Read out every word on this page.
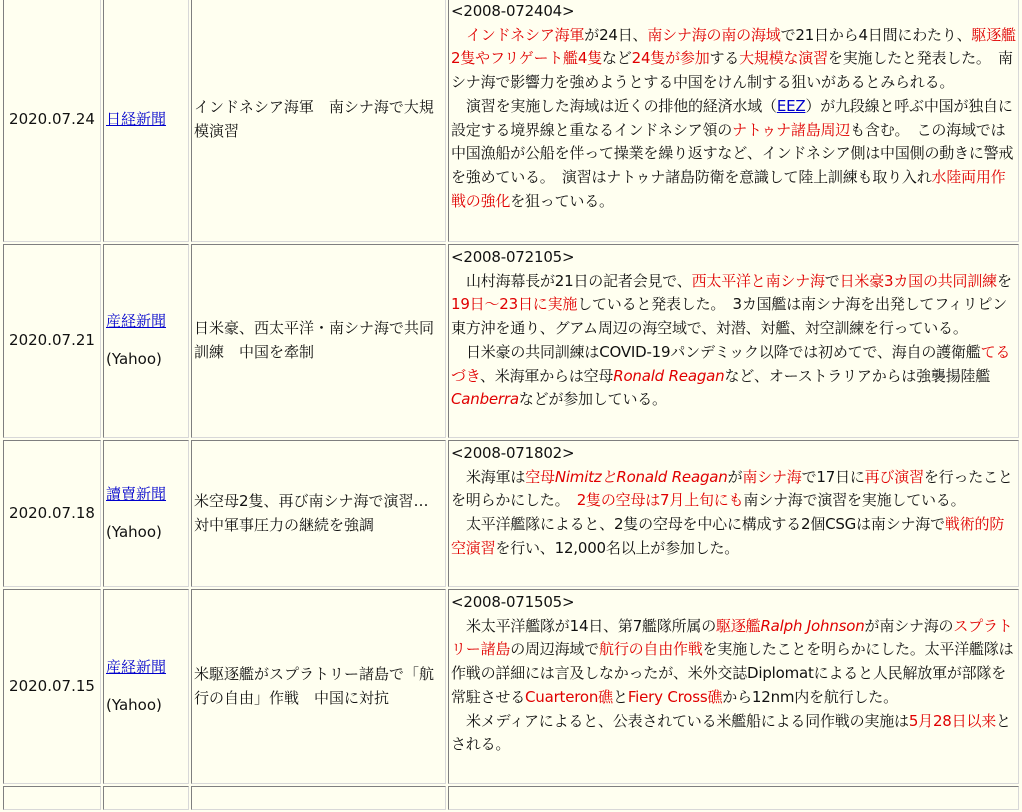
2020.07.24	日経新聞	インドネシア海軍　南シナ海で大規模演習	<2008-072404>
インドネシア海軍が24日、南シナ海の南の海域で21日から4日間にわたり、駆逐艦2隻やフリゲート艦4隻など24隻が参加する大規模な演習を実施したと発表した。　南シナ海で影響力を強めようとする中国をけん制する狙いがあるとみられる。
演習を実施した海域は近くの排他的経済水域（EEZ）が九段線と呼ぶ中国が独自に設定する境界線と重なるインドネシア領のナトゥナ諸島周辺も含む。　この海域では中国漁船が公船を伴って操業を繰り返すなど、インドネシア側は中国側の動きに警戒を強めている。　演習はナトゥナ諸島防衛を意識して陸上訓練も取り入れ水陸両用作戦の強化を狙っている。

2020.07.21	産経新聞
(Yahoo)	日米豪、西太平洋・南シナ海で共同訓練　中国を牽制	<2008-072105>
山村海幕長が21日の記者会見で、西太平洋と南シナ海で日米豪3カ国の共同訓練を19日～23日に実施していると発表した。　3カ国艦は南シナ海を出発してフィリピン東方沖を通り、グアム周辺の海空域で、対潜、対艦、対空訓練を行っている。
日米豪の共同訓練はCOVID-19パンデミック以降では初めてで、海自の護衛艦てるづき、米海軍からは空母Ronald Reaganなど、オーストラリアからは強襲揚陸艦Canberraなどが参加している。

2020.07.18	讀賣新聞
(Yahoo)	米空母2隻、再び南シナ海で演習…対中軍事圧力の継続を強調	<2008-071802>
米海軍は空母NimitzとRonald Reaganが南シナ海で17日に再び演習を行ったことを明らかにした。　2隻の空母は7月上旬にも南シナ海で演習を実施している。
太平洋艦隊によると、2隻の空母を中心に構成する2個CSGは南シナ海で戦術的防空演習を行い、12,000名以上が参加した。

2020.07.15	産経新聞
(Yahoo)	米駆逐艦がスプラトリー諸島で「航行の自由」作戦　中国に対抗	<2008-071505>
米太平洋艦隊が14日、第7艦隊所属の駆逐艦Ralph Johnsonが南シナ海のスプラトリー諸島の周辺海域で航行の自由作戦を実施したことを明らかにした。太平洋艦隊は作戦の詳細には言及しなかったが、米外交誌Diplomatによると人民解放軍が部隊を常駐させるCuarteron礁とFiery Cross礁から12nm内を航行した。
米メディアによると、公表されている米艦船による同作戦の実施は5月28日以来とされる。
